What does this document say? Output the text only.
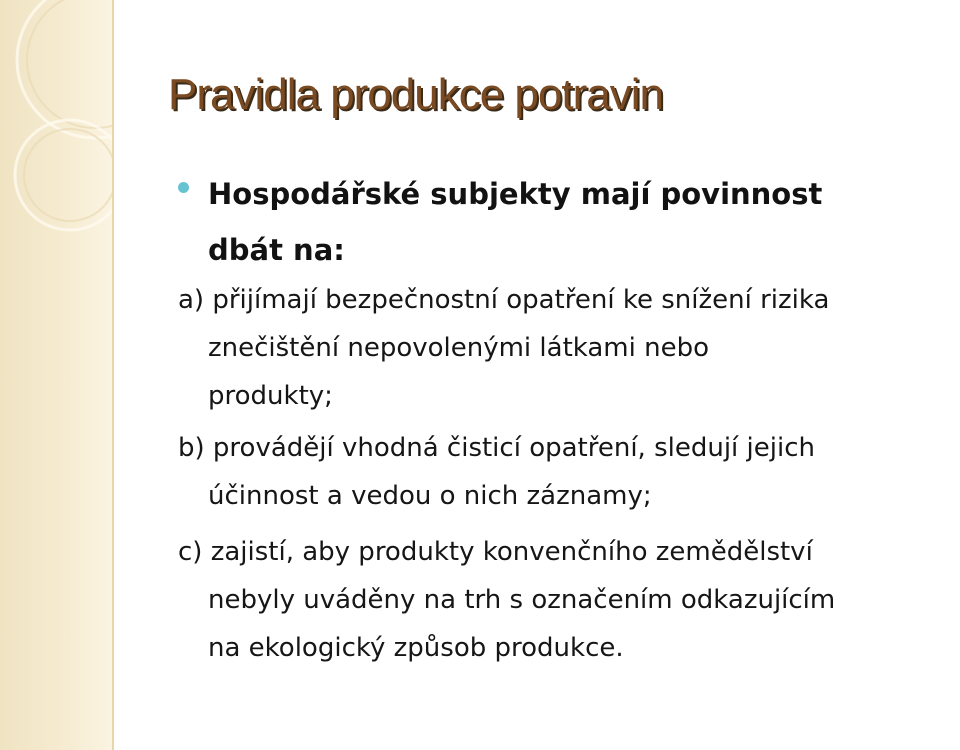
Pravidla produkce potravin
Hospodářské subjekty mají povinnost
dbát na:
a) přijímají bezpečnostní opatření ke snížení rizika
znečištění nepovolenými látkami nebo
produkty;
b) provádějí vhodná čisticí opatření, sledují jejich
účinnost a vedou o nich záznamy;
c) zajistí, aby produkty konvenčního zemědělství
nebyly uváděny na trh s označením odkazujícím
na ekologický způsob produkce.
